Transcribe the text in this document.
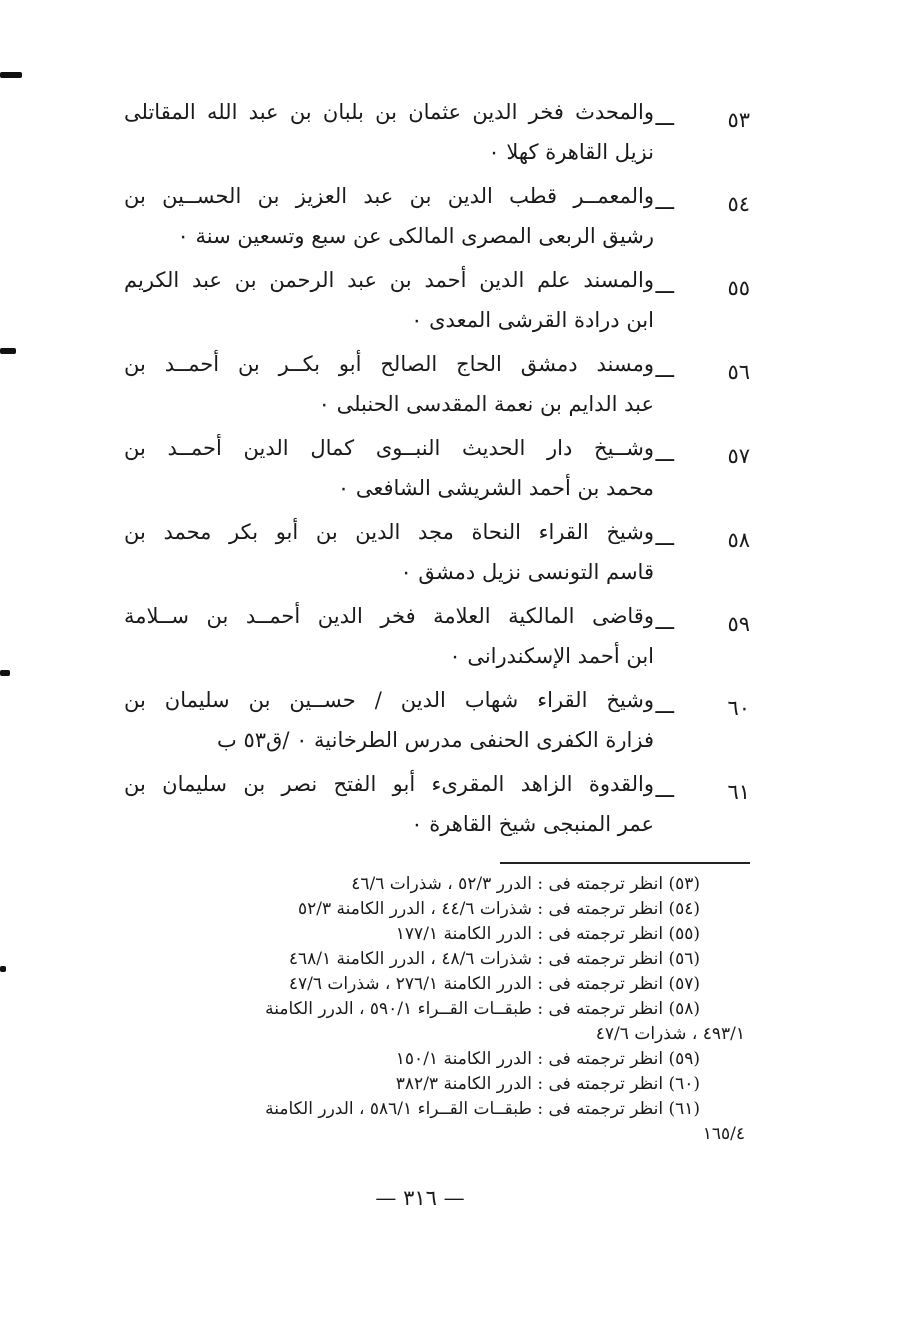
٥٣
ـــ
والمحدث فخر الدين عثمان بن بلبان بن عبد الله المقاتلى
نزيل القاهرة كهلا ٠
٥٤
ـــ
والمعمــر قطب الدين بن عبد العزيز بن الحســين بن
رشيق الربعى المصرى المالكى عن سبع وتسعين سنة ٠
٥٥
ـــ
والمسند علم الدين أحمد بن عبد الرحمن بن عبد الكريم
ابن درادة القرشى المعدى ٠
٥٦
ـــ
ومسند دمشق الحاج الصالح أبو بكــر بن أحمــد بن
عبد الدايم بن نعمة المقدسى الحنبلى ٠
٥٧
ـــ
وشــيخ دار الحديث النبــوى كمال الدين أحمــد بن
محمد بن أحمد الشريشى الشافعى ٠
٥٨
ـــ
وشيخ القراء النحاة مجد الدين بن أبو بكر محمد بن
قاسم التونسى نزيل دمشق ٠
٥٩
ـــ
وقاضى المالكية العلامة فخر الدين أحمــد بن ســلامة
ابن أحمد الإسكندرانى ٠
٦٠
ـــ
وشيخ القراء شهاب الدين / حســين بن سليمان بن
فزارة الكفرى الحنفى مدرس الطرخانية ٠ /ق٥٣ ب
٦١
ـــ
والقدوة الزاهد المقرىء أبو الفتح نصر بن سليمان بن
عمر المنبجى شيخ القاهرة ٠
(٥٣) انظر ترجمته فى : الدرر ٥٢/٣ ، شذرات ٤٦/٦
(٥٤) انظر ترجمته فى : شذرات ٤٤/٦ ، الدرر الكامنة ٥٢/٣
(٥٥) انظر ترجمته فى : الدرر الكامنة ١٧٧/١
(٥٦) انظر ترجمته فى : شذرات ٤٨/٦ ، الدرر الكامنة ٤٦٨/١
(٥٧) انظر ترجمته فى : الدرر الكامنة ٢٧٦/١ ، شذرات ٤٧/٦
(٥٨) انظر ترجمته فى : طبقــات القــراء ٥٩٠/١ ، الدرر الكامنة
٤٩٣/١ ، شذرات ٤٧/٦
(٥٩) انظر ترجمته فى : الدرر الكامنة ١٥٠/١
(٦٠) انظر ترجمته فى : الدرر الكامنة ٣٨٢/٣
(٦١) انظر ترجمته فى : طبقــات القــراء ٥٨٦/١ ، الدرر الكامنة
١٦٥/٤
— ٣١٦ —
